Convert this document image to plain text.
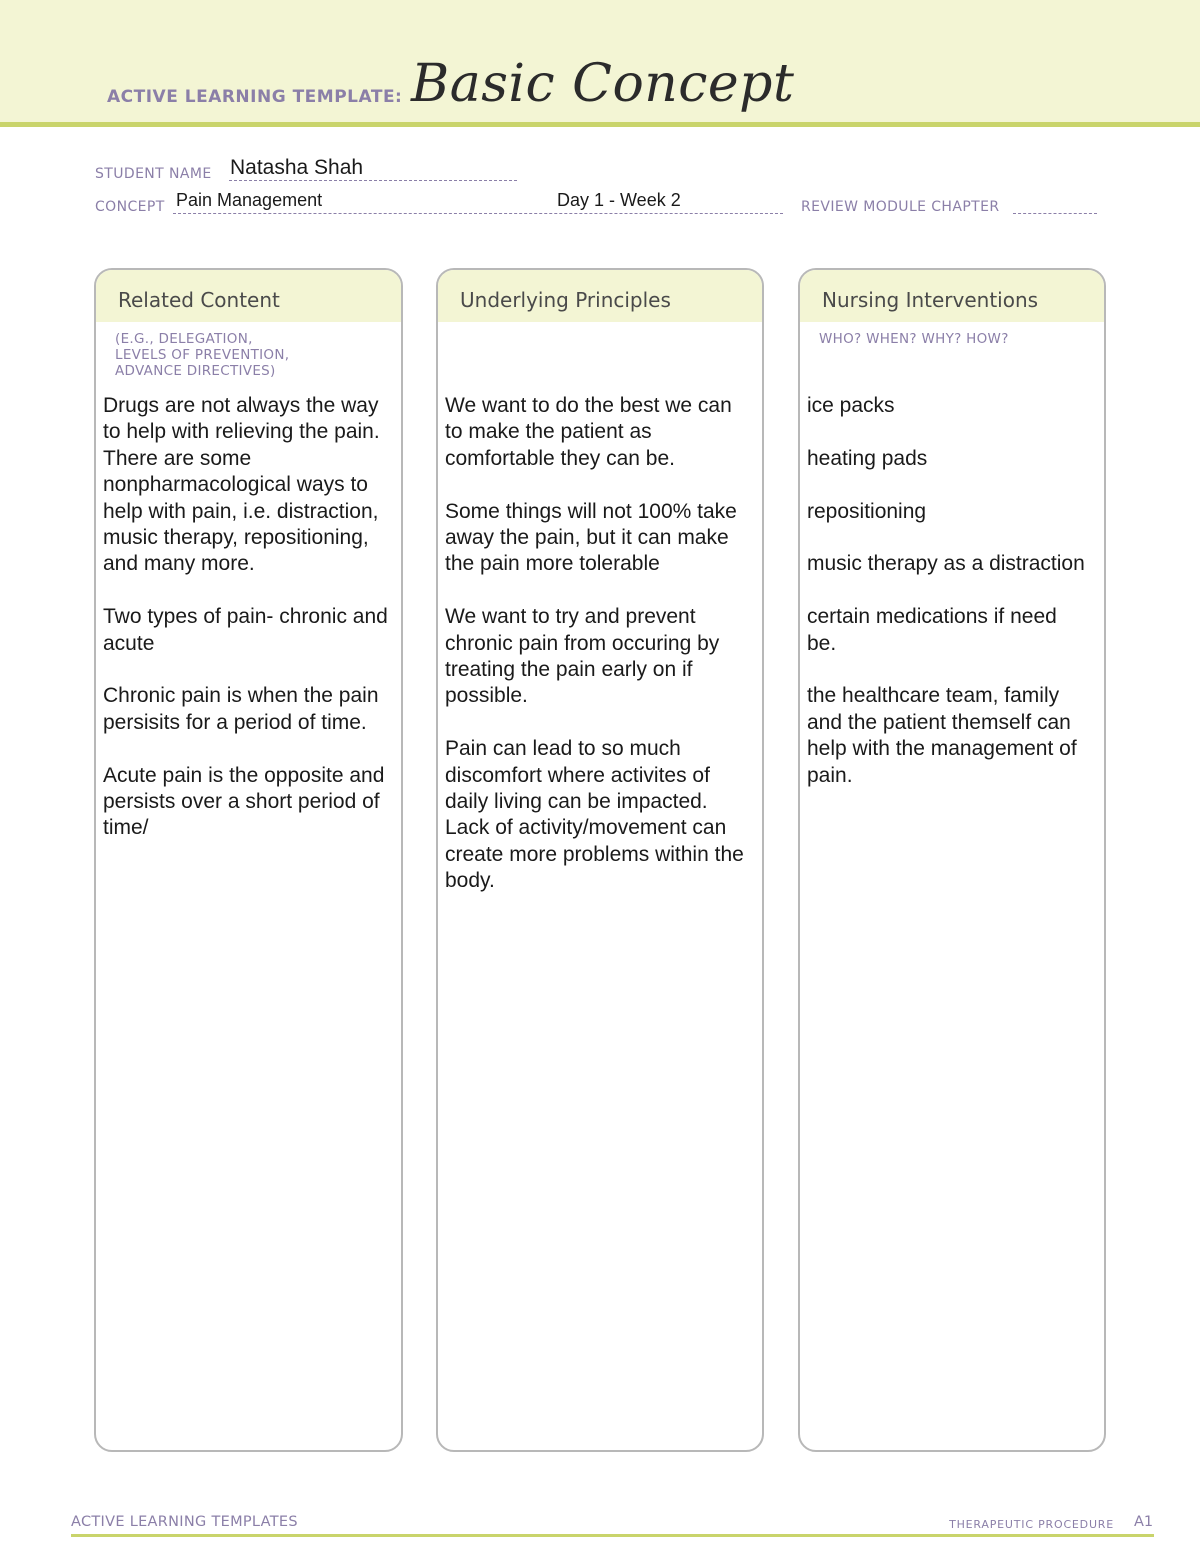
ACTIVE LEARNING TEMPLATE: Basic Concept
STUDENT NAME Natasha Shah
CONCEPT Pain Management	Day 1 - Week 2	REVIEW MODULE CHAPTER
Related Content
(E.G., DELEGATION,
LEVELS OF PREVENTION,
ADVANCE DIRECTIVES)

Drugs are not always the way to help with relieving the pain. There are some nonpharmacological ways to help with pain, i.e. distraction, music therapy, repositioning, and many more.

Two types of pain- chronic and acute

Chronic pain is when the pain persisits for a period of time.

Acute pain is the opposite and persists over a short period of time/

Underlying Principles

We want to do the best we can to make the patient as comfortable they can be.

Some things will not 100% take away the pain, but it can make the pain more tolerable

We want to try and prevent chronic pain from occuring by treating the pain early on if possible.

Pain can lead to so much discomfort where activites of daily living can be impacted. Lack of activity/movement can create more problems within the body.

Nursing Interventions
WHO? WHEN? WHY? HOW?

ice packs

heating pads

repositioning

music therapy as a distraction

certain medications if need be.

the healthcare team, family and the patient themself can help with the management of pain.

ACTIVE LEARNING TEMPLATES	THERAPEUTIC PROCEDURE A1
